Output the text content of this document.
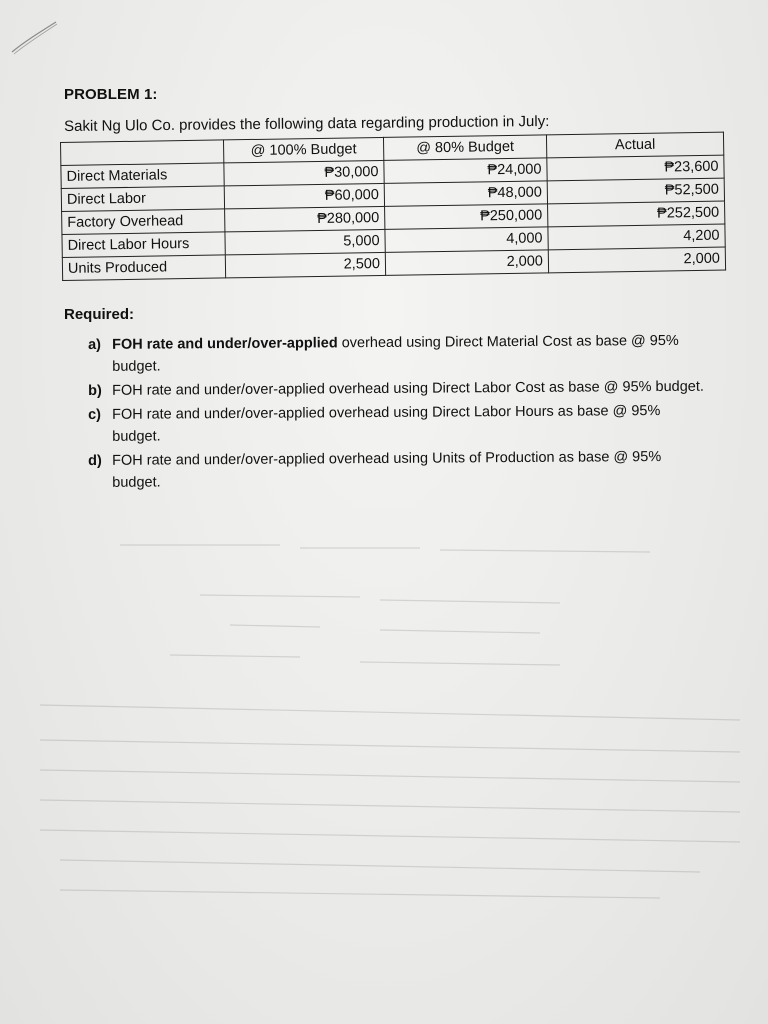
PROBLEM 1:
Sakit Ng Ulo Co. provides the following data regarding production in July:
	@ 100% Budget	@ 80% Budget	Actual
Direct Materials	₱30,000	₱24,000	₱23,600
Direct Labor	₱60,000	₱48,000	₱52,500
Factory Overhead	₱280,000	₱250,000	₱252,500
Direct Labor Hours	5,000	4,000	4,200
Units Produced	2,500	2,000	2,000
Required:
a) FOH rate and under/over-applied overhead using Direct Material Cost as base @ 95% budget.
b) FOH rate and under/over-applied overhead using Direct Labor Cost as base @ 95% budget.
c) FOH rate and under/over-applied overhead using Direct Labor Hours as base @ 95% budget.
d) FOH rate and under/over-applied overhead using Units of Production as base @ 95% budget.
